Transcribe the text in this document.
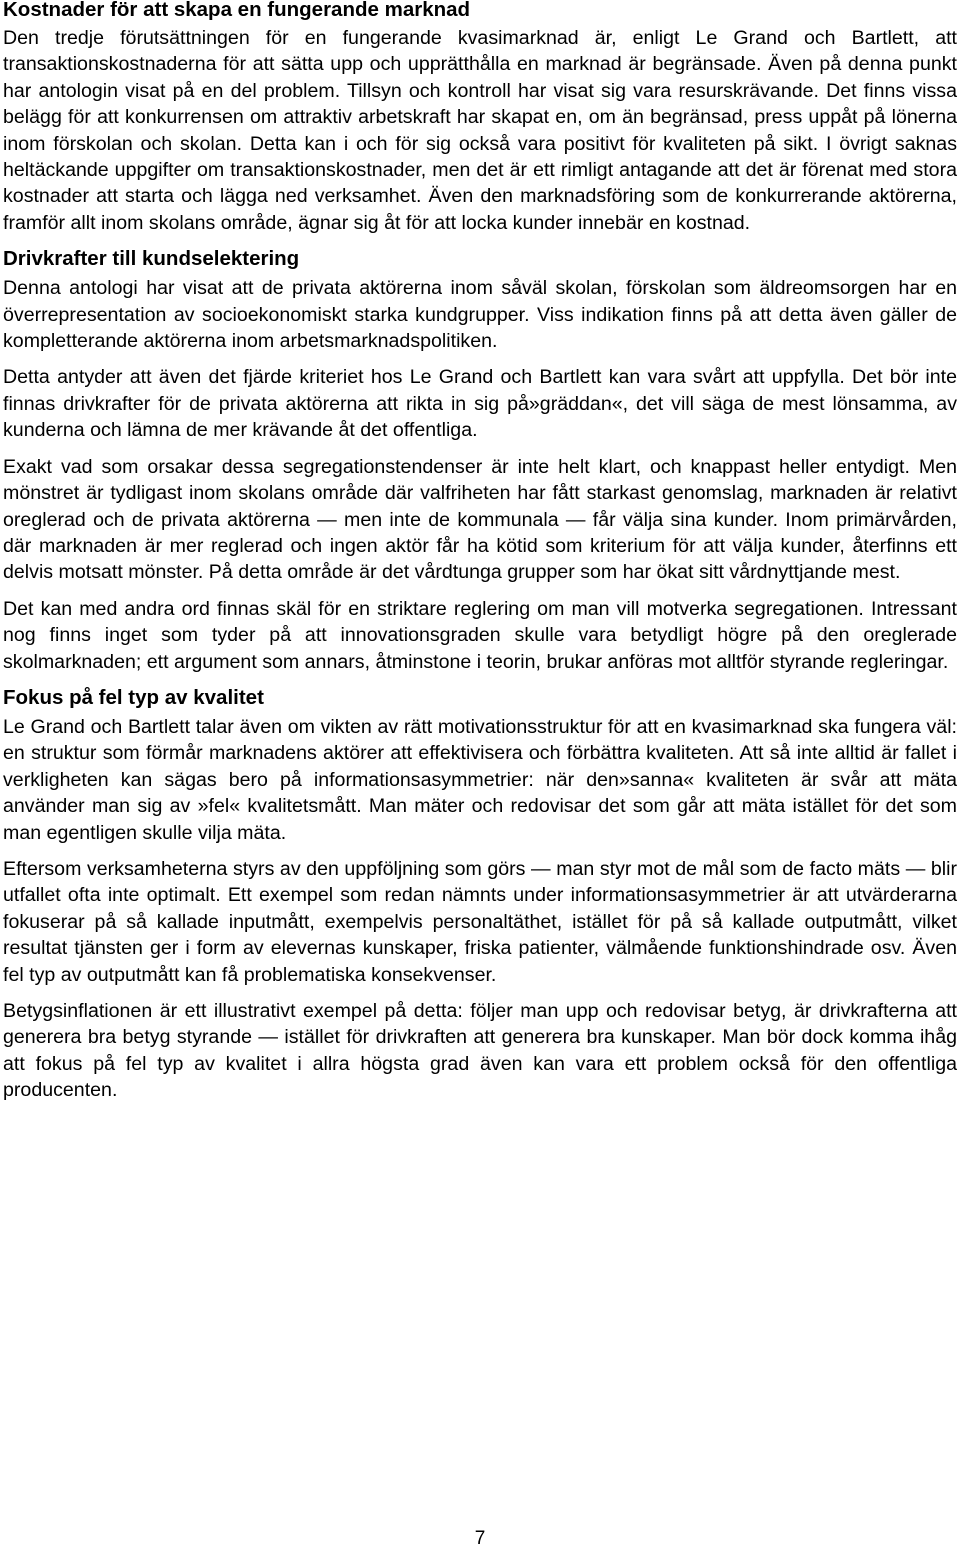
Kostnader för att skapa en fungerande marknad

Den tredje förutsättningen för en fungerande kvasimarknad är, enligt Le Grand och Bartlett, att transaktionskostnaderna för att sätta upp och upprätthålla en marknad är begränsade. Även på denna punkt har antologin visat på en del problem. Tillsyn och kontroll har visat sig vara resurskrävande. Det finns vissa belägg för att konkurrensen om attraktiv arbetskraft har skapat en, om än begränsad, press uppåt på lönerna inom förskolan och skolan. Detta kan i och för sig också vara positivt för kvaliteten på sikt. I övrigt saknas heltäckande uppgifter om transaktionskostnader, men det är ett rimligt antagande att det är förenat med stora kostnader att starta och lägga ned verksamhet. Även den marknadsföring som de konkurrerande aktörerna, framför allt inom skolans område, ägnar sig åt för att locka kunder innebär en kostnad.

Drivkrafter till kundselektering

Denna antologi har visat att de privata aktörerna inom såväl skolan, förskolan som äldreomsorgen har en överrepresentation av socioekonomiskt starka kundgrupper. Viss indikation finns på att detta även gäller de kompletterande aktörerna inom arbetsmarknadspolitiken.

Detta antyder att även det fjärde kriteriet hos Le Grand och Bartlett kan vara svårt att uppfylla. Det bör inte finnas drivkrafter för de privata aktörerna att rikta in sig på»gräddan«, det vill säga de mest lönsamma, av kunderna och lämna de mer krävande åt det offentliga.

Exakt vad som orsakar dessa segregationstendenser är inte helt klart, och knappast heller entydigt. Men mönstret är tydligast inom skolans område där valfriheten har fått starkast genomslag, marknaden är relativt oreglerad och de privata aktörerna — men inte de kommunala — får välja sina kunder. Inom primärvården, där marknaden är mer reglerad och ingen aktör får ha kötid som kriterium för att välja kunder, återfinns ett delvis motsatt mönster. På detta område är det vårdtunga grupper som har ökat sitt vårdnyttjande mest.

Det kan med andra ord finnas skäl för en striktare reglering om man vill motverka segregationen. Intressant nog finns inget som tyder på att innovationsgraden skulle vara betydligt högre på den oreglerade skolmarknaden; ett argument som annars, åtminstone i teorin, brukar anföras mot alltför styrande regleringar.

Fokus på fel typ av kvalitet

Le Grand och Bartlett talar även om vikten av rätt motivationsstruktur för att en kvasimarknad ska fungera väl: en struktur som förmår marknadens aktörer att effektivisera och förbättra kvaliteten. Att så inte alltid är fallet i verkligheten kan sägas bero på informationsasymmetrier: när den»sanna« kvaliteten är svår att mäta använder man sig av »fel« kvalitetsmått. Man mäter och redovisar det som går att mäta istället för det som man egentligen skulle vilja mäta.

Eftersom verksamheterna styrs av den uppföljning som görs — man styr mot de mål som de facto mäts — blir utfallet ofta inte optimalt. Ett exempel som redan nämnts under informationsasymmetrier är att utvärderarna fokuserar på så kallade inputmått, exempelvis personaltäthet, istället för på så kallade outputmått, vilket resultat tjänsten ger i form av elevernas kunskaper, friska patienter, välmående funktionshindrade osv. Även fel typ av outputmått kan få problematiska konsekvenser.

Betygsinflationen är ett illustrativt exempel på detta: följer man upp och redovisar betyg, är drivkrafterna att generera bra betyg styrande — istället för drivkraften att generera bra kunskaper. Man bör dock komma ihåg att fokus på fel typ av kvalitet i allra högsta grad även kan vara ett problem också för den offentliga producenten.

7
